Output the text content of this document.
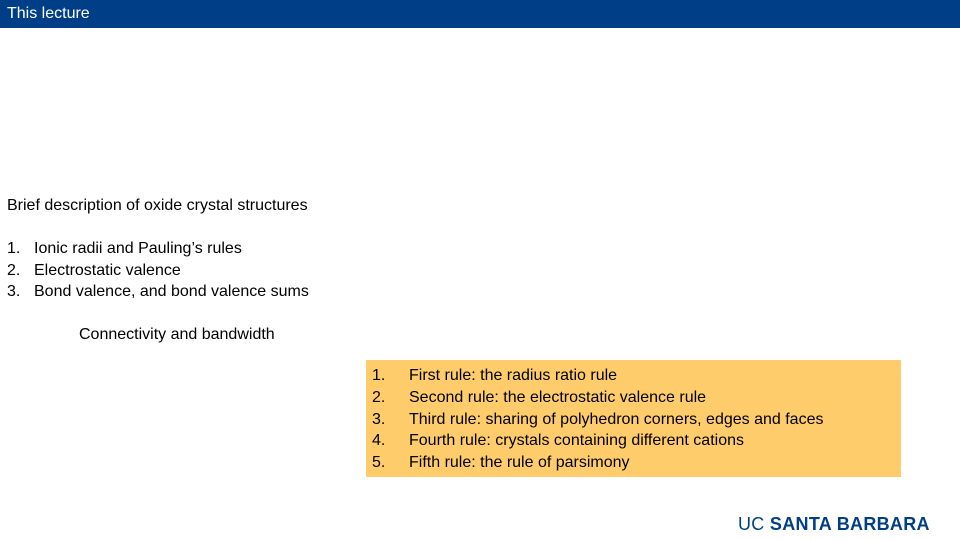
This lecture
Brief description of oxide crystal structures
1. Ionic radii and Pauling’s rules
2. Electrostatic valence
3. Bond valence, and bond valence sums
Connectivity and bandwidth
1.	First rule: the radius ratio rule
2.	Second rule: the electrostatic valence rule
3.	Third rule: sharing of polyhedron corners, edges and faces
4.	Fourth rule: crystals containing different cations
5.	Fifth rule: the rule of parsimony
UC SANTA BARBARA
